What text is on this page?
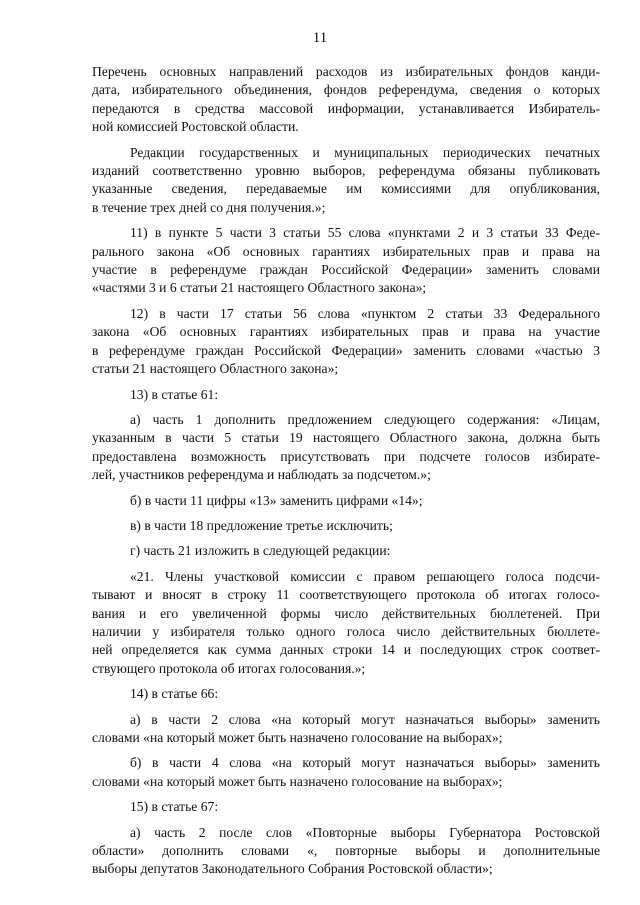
11
Перечень основных направлений расходов из избирательных фондов канди-
дата, избирательного объединения, фондов референдума, сведения о которых
передаются в средства массовой информации, устанавливается Избиратель-
ной комиссией Ростовской области.
Редакции государственных и муниципальных периодических печатных
изданий соответственно уровню выборов, референдума обязаны публиковать
указанные сведения, передаваемые им комиссиями для опубликования,
в течение трех дней со дня получения.»;
11) в пункте 5 части 3 статьи 55 слова «пунктами 2 и 3 статьи 33 Феде-
рального закона «Об основных гарантиях избирательных прав и права на
участие в референдуме граждан Российской Федерации» заменить словами
«частями 3 и 6 статьи 21 настоящего Областного закона»;
12) в части 17 статьи 56 слова «пунктом 2 статьи 33 Федерального
закона «Об основных гарантиях избирательных прав и права на участие
в референдуме граждан Российской Федерации» заменить словами «частью 3
статьи 21 настоящего Областного закона»;
13) в статье 61:
а) часть 1 дополнить предложением следующего содержания: «Лицам,
указанным в части 5 статьи 19 настоящего Областного закона, должна быть
предоставлена возможность присутствовать при подсчете голосов избирате-
лей, участников референдума и наблюдать за подсчетом.»;
б) в части 11 цифры «13» заменить цифрами «14»;
в) в части 18 предложение третье исключить;
г) часть 21 изложить в следующей редакции:
«21. Члены участковой комиссии с правом решающего голоса подсчи-
тывают и вносят в строку 11 соответствующего протокола об итогах голосо-
вания и его увеличенной формы число действительных бюллетеней. При
наличии у избирателя только одного голоса число действительных бюллете-
ней определяется как сумма данных строки 14 и последующих строк соответ-
ствующего протокола об итогах голосования.»;
14) в статье 66:
а) в части 2 слова «на который могут назначаться выборы» заменить
словами «на который может быть назначено голосование на выборах»;
б) в части 4 слова «на который могут назначаться выборы» заменить
словами «на который может быть назначено голосование на выборах»;
15) в статье 67:
а) часть 2 после слов «Повторные выборы Губернатора Ростовской
области» дополнить словами «, повторные выборы и дополнительные
выборы депутатов Законодательного Собрания Ростовской области»;
